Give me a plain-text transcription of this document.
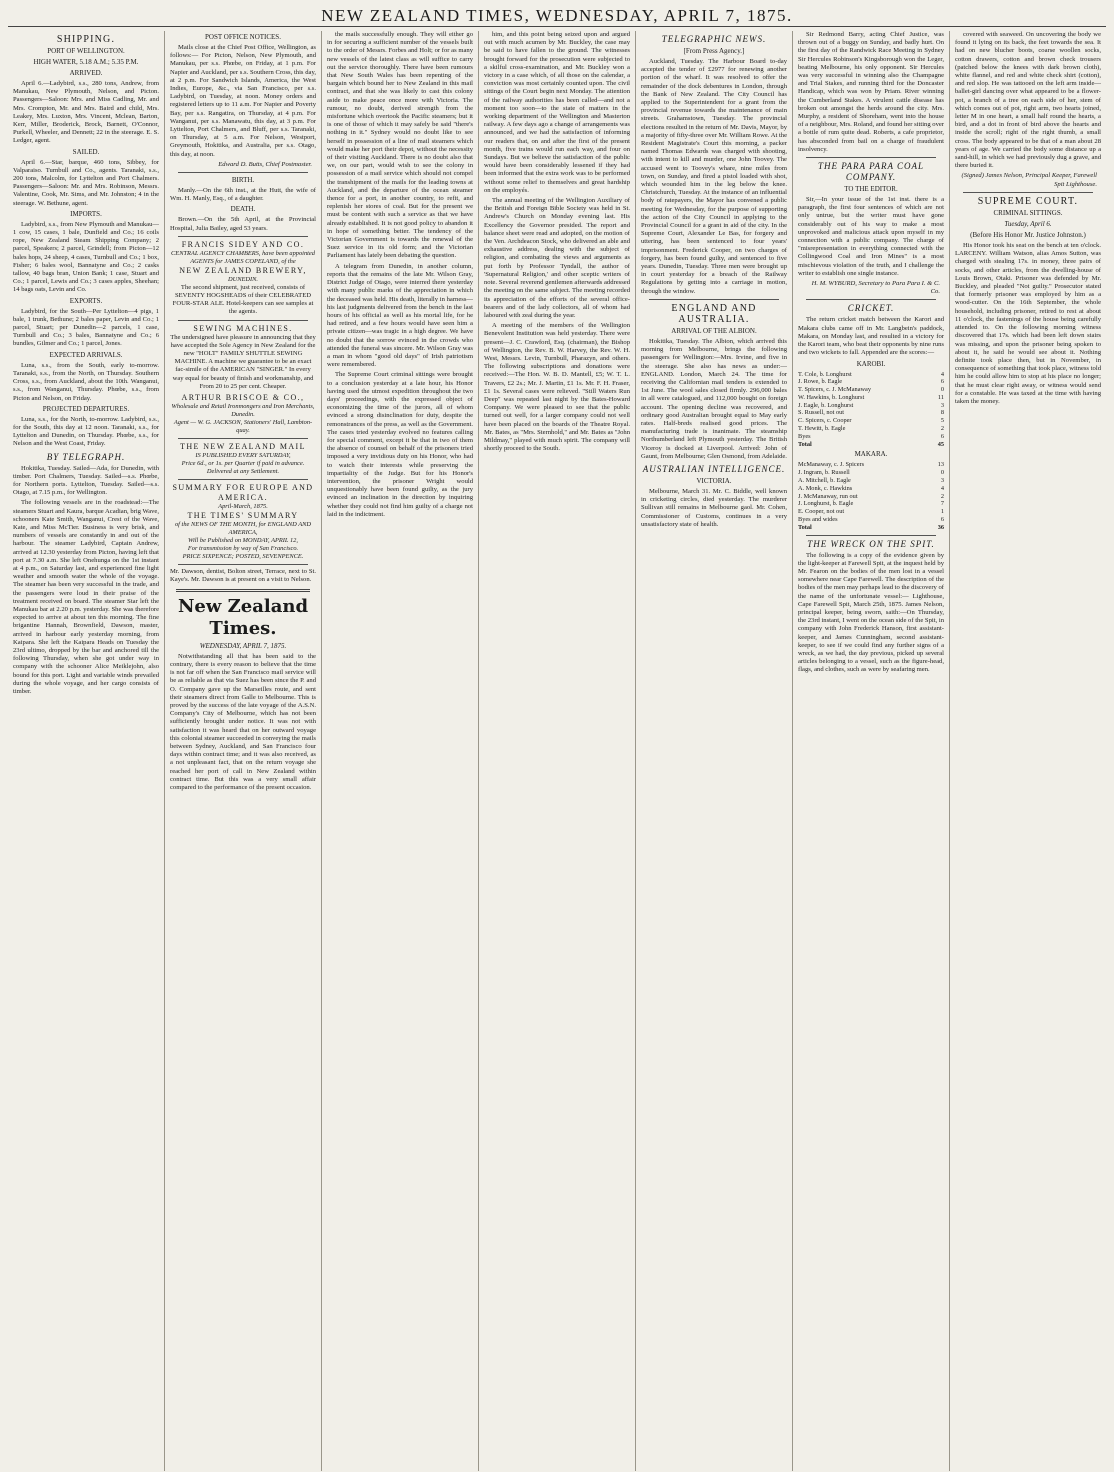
NEW ZEALAND TIMES, WEDNESDAY, APRIL 7, 1875.
SHIPPING.
PORT OF WELLINGTON.
HIGH WATER, 5.18 A.M.; 5.35 P.M.
ARRIVED.

April 6.—Ladybird, s.s., 280 tons, Andrew, from Manukau, New Plymouth, Nelson, and Picton. Passengers—Saloon: Mrs. and Miss Cadling, Mr. and Mrs. Crompton, Mr. and Mrs. Baird and child, Mrs. Leakey, Mrs. Luxton, Mrs. Vincent, Mclean, Barton, Kerr, Miller, Broderick, Brock, Barnett, O'Connor, Purkell, Wheeler, and Dennett; 22 in the steerage. E. S. Ledger, agent.

SAILED.

April 6.—Star, barque, 460 tons, Sibbey, for Valparaiso. Turnbull and Co., agents. Taranaki, s.s., 200 tons, Malcolm, for Lyttelton and Port Chalmers. Passengers—Saloon: Mr. and Mrs. Robinson, Messrs. Valentine, Cook, Mr. Sims, and Mr. Johnston; 4 in the steerage. W. Bethune, agent.

IMPORTS.

Ladybird, s.s., from New Plymouth and Manukau—1 cow, 15 cases, 1 bale, Dunfield and Co.; 16 coils rope, New Zealand Steam Shipping Company; 2 parcel, Speakers; 2 parcel, Grindell; from Picton—12 bales hops, 24 sheep, 4 cases, Turnbull and Co.; 1 box, Fisher; 6 bales wool, Bannatyne and Co.; 2 casks tallow, 40 bags bran, Union Bank; 1 case, Stuart and Co.; 1 parcel, Lewis and Co.; 3 cases apples, Sheehan; 14 bags oats, Levin and Co.

EXPORTS.

Ladybird, for the South—Per Lyttelton—4 pigs, 1 bale, 1 trunk, Bethune; 2 bales paper, Levin and Co.; 1 parcel, Stuart; per Dunedin—2 parcels, 1 case, Turnbull and Co.; 3 bales, Bannatyne and Co.; 6 bundles, Gilmer and Co.; 1 parcel, Jones.

EXPECTED ARRIVALS.

Luna, s.s., from the South, early to-morrow. Taranaki, s.s., from the North, on Thursday. Southern Cross, s.s., from Auckland, about the 10th. Wanganui, s.s., from Wanganui, Thursday. Phœbe, s.s., from Picton and Nelson, on Friday.

PROJECTED DEPARTURES.

Luna, s.s., for the North, to-morrow. Ladybird, s.s., for the South, this day at 12 noon. Taranaki, s.s., for Lyttelton and Dunedin, on Thursday. Phœbe, s.s., for Nelson and the West Coast, Friday.

BY TELEGRAPH.

Hokitika, Tuesday. Sailed—Ada, for Dunedin, with timber. Port Chalmers, Tuesday. Sailed—s.s. Phœbe, for Northern ports. Lyttelton, Tuesday. Sailed—s.s. Otago, at 7.15 p.m., for Wellington.

The following vessels are in the roadstead:—The steamers Stuart and Kaura, barque Acadian, brig Wave, schooners Kate Smith, Wanganui, Crest of the Wave, Kate, and Miss McTier. Business is very brisk, and numbers of vessels are constantly in and out of the harbour. The steamer Ladybird, Captain Andrew, arrived at 12.30 yesterday from Picton, having left that port at 7.30 a.m. She left Onehunga on the 1st instant at 4 p.m., on Saturday last, and experienced fine light weather and smooth water the whole of the voyage. The steamer has been very successful in the trade, and the passengers were loud in their praise of the treatment received on board. The steamer Star left the Manukau bar at 2.20 p.m. yesterday. She was therefore expected to arrive at about ten this morning. The fine brigantine Hannah, Brownfield, Dawson, master, arrived in harbour early yesterday morning, from Kaipara. She left the Kaipara Heads on Tuesday the 23rd ultimo, dropped by the bar and anchored till the following Thursday, when she got under way in company with the schooner Alice Meiklejohn, also bound for this port. Light and variable winds prevailed during the whole voyage, and her cargo consists of timber.

POST OFFICE NOTICES.

Mails close at the Chief Post Office, Wellington, as follows:— For Picton, Nelson, New Plymouth, and Manukau, per s.s. Phœbe, on Friday, at 1 p.m. For Napier and Auckland, per s.s. Southern Cross, this day, at 2 p.m. For Sandwich Islands, America, the West Indies, Europe, &c., via San Francisco, per s.s. Ladybird, on Tuesday, at noon. Money orders and registered letters up to 11 a.m. For Napier and Poverty Bay, per s.s. Rangatira, on Thursday, at 4 p.m. For Wanganui, per s.s. Manawatu, this day, at 3 p.m. For Lyttelton, Port Chalmers, and Bluff, per s.s. Taranaki, on Thursday, at 5 a.m. For Nelson, Westport, Greymouth, Hokitika, and Australia, per s.s. Otago, this day, at noon.

Edward D. Butts, Chief Postmaster.
BIRTH.

Manly.—On the 6th inst., at the Hutt, the wife of Wm. H. Manly, Esq., of a daughter.

DEATH.

Brown.—On the 5th April, at the Provincial Hospital, Julia Bailey, aged 53 years.

FRANCIS SIDEY AND CO.
CENTRAL AGENCY CHAMBERS, have been appointed AGENTS for JAMES COPELAND, of the
NEW ZEALAND BREWERY,
DUNEDIN.

The second shipment, just received, consists of SEVENTY HOGSHEADS of their CELEBRATED FOUR-STAR ALE. Hotel-keepers can see samples at the agents.

SEWING MACHINES.

The undersigned have pleasure in announcing that they have accepted the Sole Agency in New Zealand for the new "HOLT" FAMILY SHUTTLE SEWING MACHINE. A machine we guarantee to be an exact fac-simile of the AMERICAN "SINGER." In every way equal for beauty of finish and workmanship, and From 20 to 25 per cent. Cheaper.

ARTHUR BRISCOE & CO.,
Wholesale and Retail Ironmongers and Iron Merchants, Dunedin.
Agent — W. G. JACKSON, Stationers' Hall, Lambton-quay.
THE NEW ZEALAND MAIL
IS PUBLISHED EVERY SATURDAY,
Price 6d., or 1s. per Quarter if paid in advance. Delivered at any Settlement.
SUMMARY FOR EUROPE AND AMERICA.
April-March, 1875.
THE TIMES' SUMMARY
of the NEWS OF THE MONTH, for ENGLAND AND AMERICA,
Will be Published on MONDAY, APRIL 12,
For transmission by way of San Francisco.
PRICE SIXPENCE; POSTED, SEVENPENCE.

Mr. Dawson, dentist, Bolton street, Terrace, next to St. Kaye's. Mr. Dawson is at present on a visit to Nelson.

New Zealand Times.
WEDNESDAY, APRIL 7, 1875.

Notwithstanding all that has been said to the contrary, there is every reason to believe that the time is not far off when the San Francisco mail service will be as reliable as that via Suez has been since the P. and O. Company gave up the Marseilles route, and sent their steamers direct from Galle to Melbourne. This is proved by the success of the late voyage of the A.S.N. Company's City of Melbourne, which has not been sufficiently brought under notice. It was not with satisfaction it was heard that on her outward voyage this colonial steamer succeeded in conveying the mails between Sydney, Auckland, and San Francisco four days within contract time; and it was also received, as a not unpleasant fact, that on the return voyage she reached her port of call in New Zealand within contract time. But this was a very small affair compared to the performance of the present occasion.

the mails successfully enough. They will either go in for securing a sufficient number of the vessels built to the order of Messrs. Forbes and Holt; or for as many new vessels of the latest class as will suffice to carry out the service thoroughly. There have been rumours that New South Wales has been repenting of the bargain which bound her to New Zealand in this mail contract, and that she was likely to cast this colony aside to make peace once more with Victoria. The rumour, no doubt, derived strength from the misfortune which overtook the Pacific steamers; but it is one of those of which it may safely be said "there's nothing in it." Sydney would no doubt like to see herself in possession of a line of mail steamers which would make her port their depot, without the necessity of their visiting Auckland. There is no doubt also that we, on our part, would wish to see the colony in possession of a mail service which should not compel the transhipment of the mails for the leading towns at Auckland, and the departure of the ocean steamer thence for a port, in another country, to refit, and replenish her stores of coal. But for the present we must be content with such a service as that we have already established. It is not good policy to abandon it in hope of something better. The tendency of the Victorian Government is towards the renewal of the Suez service in its old form; and the Victorian Parliament has lately been debating the question.

A telegram from Dunedin, in another column, reports that the remains of the late Mr. Wilson Gray, District Judge of Otago, were interred there yesterday with many public marks of the appreciation in which the deceased was held. His death, literally in harness—his last judgments delivered from the bench in the last hours of his official as well as his mortal life, for he had retired, and a few hours would have seen him a private citizen—was tragic in a high degree. We have no doubt that the sorrow evinced in the crowds who attended the funeral was sincere. Mr. Wilson Gray was a man in whom "good old days" of Irish patriotism were remembered.

The Supreme Court criminal sittings were brought to a conclusion yesterday at a late hour, his Honor having used the utmost expedition throughout the two days' proceedings, with the expressed object of economizing the time of the jurors, all of whom evinced a strong disinclination for duty, despite the remonstrances of the press, as well as the Government. The cases tried yesterday evolved no features calling for special comment, except it be that in two of them the absence of counsel on behalf of the prisoners tried imposed a very invidious duty on his Honor, who had to watch their interests while preserving the impartiality of the Judge. But for his Honor's intervention, the prisoner Wright would unquestionably have been found guilty, as the jury evinced an inclination in the direction by inquiring whether they could not find him guilty of a charge not laid in the indictment.

him, and this point being seized upon and argued out with much acumen by Mr. Buckley, the case may be said to have fallen to the ground. The witnesses brought forward for the prosecution were subjected to a skilful cross-examination, and Mr. Buckley won a victory in a case which, of all those on the calendar, a conviction was most certainly counted upon. The civil sittings of the Court begin next Monday. The attention of the railway authorities has been called—and not a moment too soon—to the state of matters in the working department of the Wellington and Masterton railway. A few days ago a change of arrangements was announced, and we had the satisfaction of informing our readers that, on and after the first of the present month, five trains would run each way, and four on Sundays. But we believe the satisfaction of the public would have been considerably lessened if they had been informed that the extra work was to be performed without some relief to themselves and great hardship on the employés.

The annual meeting of the Wellington Auxiliary of the British and Foreign Bible Society was held in St. Andrew's Church on Monday evening last. His Excellency the Governor presided. The report and balance sheet were read and adopted, on the motion of the Ven. Archdeacon Stock, who delivered an able and exhaustive address, dealing with the subject of religion, and combating the views and arguments as put forth by Professor Tyndall, the author of 'Supernatural Religion,' and other sceptic writers of note. Several reverend gentlemen afterwards addressed the meeting on the same subject. The meeting recorded its appreciation of the efforts of the several office-bearers and of the lady collectors, all of whom had laboured with zeal during the year.

A meeting of the members of the Wellington Benevolent Institution was held yesterday. There were present—J. C. Crawford, Esq. (chairman), the Bishop of Wellington, the Rev. B. W. Harvey, the Rev. W. H. West, Messrs. Levin, Turnbull, Pharazyn, and others. The following subscriptions and donations were received:—The Hon. W. B. D. Mantell, £5; W. T. L. Travers, £2 2s.; Mr. J. Martin, £1 1s. Mr. F. H. Fraser, £1 1s. Several cases were relieved. "Still Waters Run Deep" was repeated last night by the Bates-Howard Company. We were pleased to see that the public turned out well, for a larger company could not well have been placed on the boards of the Theatre Royal. Mr. Bates, as "Mrs. Sternhold," and Mr. Bates as "John Mildmay," played with much spirit. The company will shortly proceed to the South.

TELEGRAPHIC NEWS.
[From Press Agency.]

Auckland, Tuesday. The Harbour Board to-day accepted the tender of £2977 for renewing another portion of the wharf. It was resolved to offer the remainder of the dock debentures in London, through the Bank of New Zealand. The City Council has applied to the Superintendent for a grant from the provincial revenue towards the maintenance of main streets. Grahamstown, Tuesday. The provincial elections resulted in the return of Mr. Davis, Mayor, by a majority of fifty-three over Mr. William Rowe. At the Resident Magistrate's Court this morning, a packer named Thomas Edwards was charged with shooting, with intent to kill and murder, one John Toovey. The accused went to Toovey's whare, nine miles from town, on Sunday, and fired a pistol loaded with shot, which wounded him in the leg below the knee. Christchurch, Tuesday. At the instance of an influential body of ratepayers, the Mayor has convened a public meeting for Wednesday, for the purpose of supporting the action of the City Council in applying to the Provincial Council for a grant in aid of the city. In the Supreme Court, Alexander Le Bas, for forgery and uttering, has been sentenced to four years' imprisonment. Frederick Cooper, on two charges of forgery, has been found guilty, and sentenced to five years. Dunedin, Tuesday. Three men were brought up in court yesterday for a breach of the Railway Regulations by getting into a carriage in motion, through the window.

ENGLAND AND AUSTRALIA.
ARRIVAL OF THE ALBION.

Hokitika, Tuesday. The Albion, which arrived this morning from Melbourne, brings the following passengers for Wellington:—Mrs. Irvine, and five in the steerage. She also has news as under:— ENGLAND. London, March 24. The time for receiving the Californian mail tenders is extended to 1st June. The wool sales closed firmly. 296,000 bales in all were catalogued, and 112,000 bought on foreign account. The opening decline was recovered, and ordinary good Australian brought equal to May early rates. Half-breds realised good prices. The manufacturing trade is inanimate. The steamship Northumberland left Plymouth yesterday. The British Viceroy is docked at Liverpool. Arrived: John of Gaunt, from Melbourne; Glen Osmond, from Adelaide.

AUSTRALIAN INTELLIGENCE.
VICTORIA.

Melbourne, March 31. Mr. C. Biddle, well known in cricketing circles, died yesterday. The murderer Sullivan still remains in Melbourne gaol. Mr. Cohen, Commissioner of Customs, continues in a very unsatisfactory state of health.

Sir Redmond Barry, acting Chief Justice, was thrown out of a buggy on Sunday, and badly hurt. On the first day of the Randwick Race Meeting in Sydney Sir Hercules Robinson's Kingsborough won the Leger, beating Melbourne, his only opponent. Sir Hercules was very successful in winning also the Champagne and Trial Stakes, and running third for the Doncaster Handicap, which was won by Priam. River winning the Cumberland Stakes. A virulent cattle disease has broken out amongst the herds around the city. Mrs. Murphy, a resident of Shoreham, went into the house of a neighbour, Mrs. Roland, and found her sitting over a bottle of rum quite dead. Roberts, a cafe proprietor, has absconded from bail on a charge of fraudulent insolvency.

THE PARA PARA COAL COMPANY.
TO THE EDITOR.

Sir,—In your issue of the 1st inst. there is a paragraph, the first four sentences of which are not only untrue, but the writer must have gone considerably out of his way to make a most unprovoked and malicious attack upon myself in my connection with a public company. The charge of "misrepresentation in everything connected with the Collingwood Coal and Iron Mines" is a most mischievous violation of the truth, and I challenge the writer to establish one single instance.

H. M. WYBURD, Secretary to Para Para I. & C. Co.
CRICKET.

The return cricket match between the Karori and Makara clubs came off in Mr. Langbein's paddock, Makara, on Monday last, and resulted in a victory for the Karori team, who beat their opponents by nine runs and two wickets to fall. Appended are the scores:—

KAROBI.
T. Cole, b. Longhurst	4
J. Rowe, b. Eagle	6
T. Spicers, c. J. McManaway	0
W. Hawkins, b. Longhurst	11
J. Eagle, b. Longhurst	3
S. Russell, not out	8
C. Spicers, c. Cooper	5
T. Hewitt, b. Eagle	2
Byes	6
Total	45
MAKARA.
McManaway, c. J. Spicers	13
J. Ingram, b. Russell	0
A. Mitchell, b. Eagle	3
A. Monk, c. Hawkins	4
J. McManaway, run out	2
J. Longhurst, b. Eagle	7
E. Cooper, not out	1
Byes and wides	6
Total	36
THE WRECK ON THE SPIT.

The following is a copy of the evidence given by the light-keeper at Farewell Spit, at the inquest held by Mr. Fearon on the bodies of the men lost in a vessel somewhere near Cape Farewell. The description of the bodies of the men may perhaps lead to the discovery of the name of the unfortunate vessel:— Lighthouse, Cape Farewell Spit, March 25th, 1875. James Nelson, principal keeper, being sworn, saith:—On Thursday, the 23rd instant, I went on the ocean side of the Spit, in company with John Frederick Hanson, first assistant-keeper, and James Cunningham, second assistant-keeper, to see if we could find any further signs of a wreck, as we had, the day previous, picked up several articles belonging to a vessel, such as the figure-head, flags, and clothes, such as were by seafaring men.

covered with seaweed. On uncovering the body we found it lying on its back, the feet towards the sea. It had on new blucher boots, coarse woollen socks, cotton drawers, cotton and brown check trousers (patched below the knees with dark brown cloth), white flannel, and red and white check shirt (cotton), and red slop. He was tattooed on the left arm inside—ballet-girl dancing over what appeared to be a flower-pot, a branch of a tree on each side of her, stem of which comes out of pot, right arm, two hearts joined, letter M in one heart, a small half round the hearts, a bird, and a dot in front of bird above the hearts and inside the scroll; right of the right thumb, a small cross. The body appeared to be that of a man about 28 years of age. We carried the body some distance up a sand-hill, in which we had previously dug a grave, and there buried it.

(Signed) James Nelson, Principal Keeper, Farewell Spit Lighthouse.
SUPREME COURT.
CRIMINAL SITTINGS.
Tuesday, April 6.
(Before His Honor Mr. Justice Johnston.)

His Honor took his seat on the bench at ten o'clock. LARCENY. William Watson, alias Amos Sutton, was charged with stealing 17s. in money, three pairs of socks, and other articles, from the dwelling-house of Louis Brown, Otaki. Prisoner was defended by Mr. Buckley, and pleaded "Not guilty." Prosecutor stated that formerly prisoner was employed by him as a wood-cutter. On the 16th September, the whole household, including prisoner, retired to rest at about 11 o'clock, the fastenings of the house being carefully attended to. On the following morning witness discovered that 17s. which had been left down stairs was missing, and upon the prisoner being spoken to about it, he said he would see about it. Nothing definite took place then, but in November, in consequence of something that took place, witness told him he could allow him to stop at his place no longer; that he must clear right away, or witness would send for a constable. He was taxed at the time with having taken the money.
